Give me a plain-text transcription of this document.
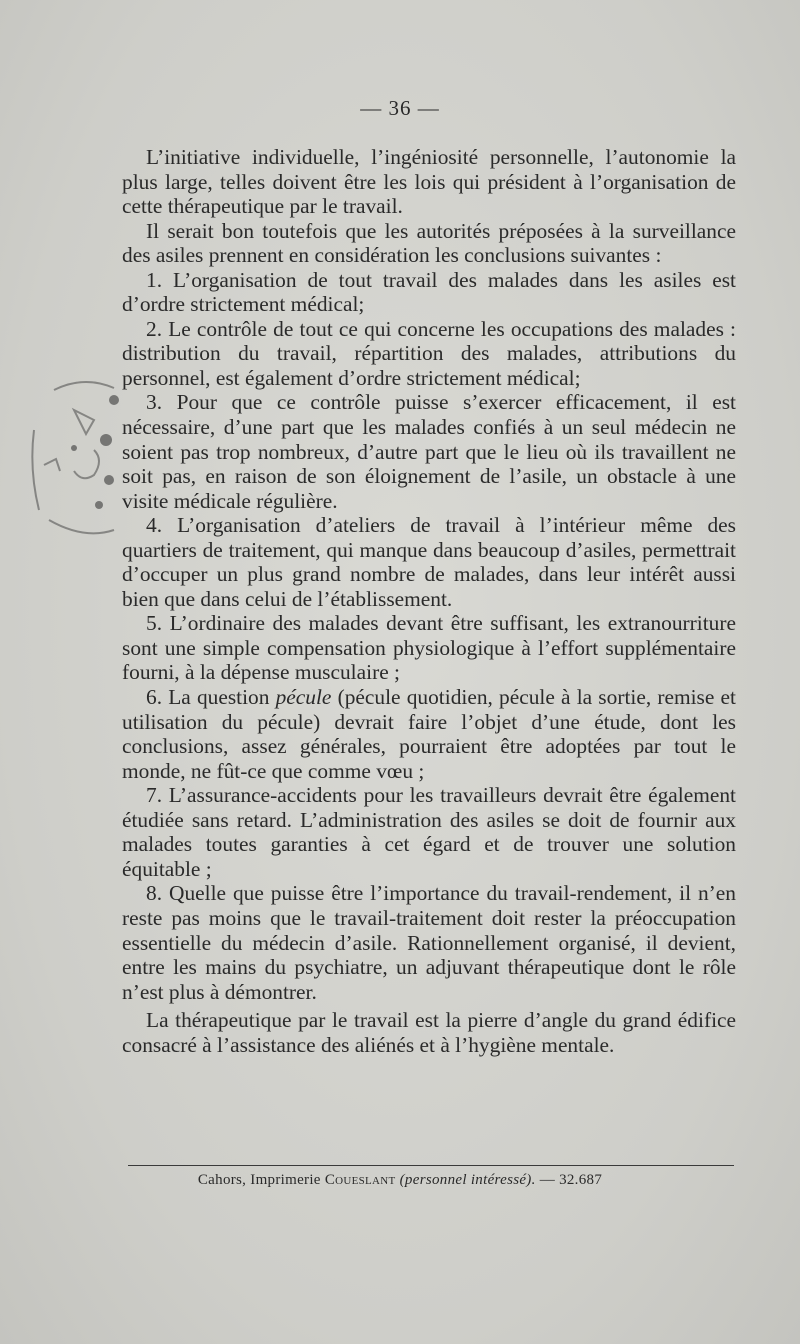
— 36 —

L’initiative individuelle, l’ingéniosité personnelle, l’autonomie la plus large, telles doivent être les lois qui président à l’organisation de cette thérapeutique par le travail.

Il serait bon toutefois que les autorités préposées à la surveillance des asiles prennent en considération les conclusions suivantes :

1. L’organisation de tout travail des malades dans les asiles est d’ordre strictement médical;

2. Le contrôle de tout ce qui concerne les occupations des malades : distribution du travail, répartition des malades, attributions du personnel, est également d’ordre strictement médical;

3. Pour que ce contrôle puisse s’exercer efficacement, il est nécessaire, d’une part que les malades confiés à un seul médecin ne soient pas trop nombreux, d’autre part que le lieu où ils travaillent ne soit pas, en raison de son éloignement de l’asile, un obstacle à une visite médicale régulière.

4. L’organisation d’ateliers de travail à l’intérieur même des quartiers de traitement, qui manque dans beaucoup d’asiles, permettrait d’occuper un plus grand nombre de malades, dans leur intérêt aussi bien que dans celui de l’établissement.

5. L’ordinaire des malades devant être suffisant, les extranourriture sont une simple compensation physiologique à l’effort supplémentaire fourni, à la dépense musculaire ;

6. La question pécule (pécule quotidien, pécule à la sortie, remise et utilisation du pécule) devrait faire l’objet d’une étude, dont les conclusions, assez générales, pourraient être adoptées par tout le monde, ne fût-ce que comme vœu ;

7. L’assurance-accidents pour les travailleurs devrait être également étudiée sans retard. L’administration des asiles se doit de fournir aux malades toutes garanties à cet égard et de trouver une solution équitable ;

8. Quelle que puisse être l’importance du travail-rendement, il n’en reste pas moins que le travail-traitement doit rester la préoccupation essentielle du médecin d’asile. Rationnellement organisé, il devient, entre les mains du psychiatre, un adjuvant thérapeutique dont le rôle n’est plus à démontrer.

La thérapeutique par le travail est la pierre d’angle du grand édifice consacré à l’assistance des aliénés et à l’hygiène mentale.

Cahors, Imprimerie Coueslant (personnel intéressé). — 32.687
